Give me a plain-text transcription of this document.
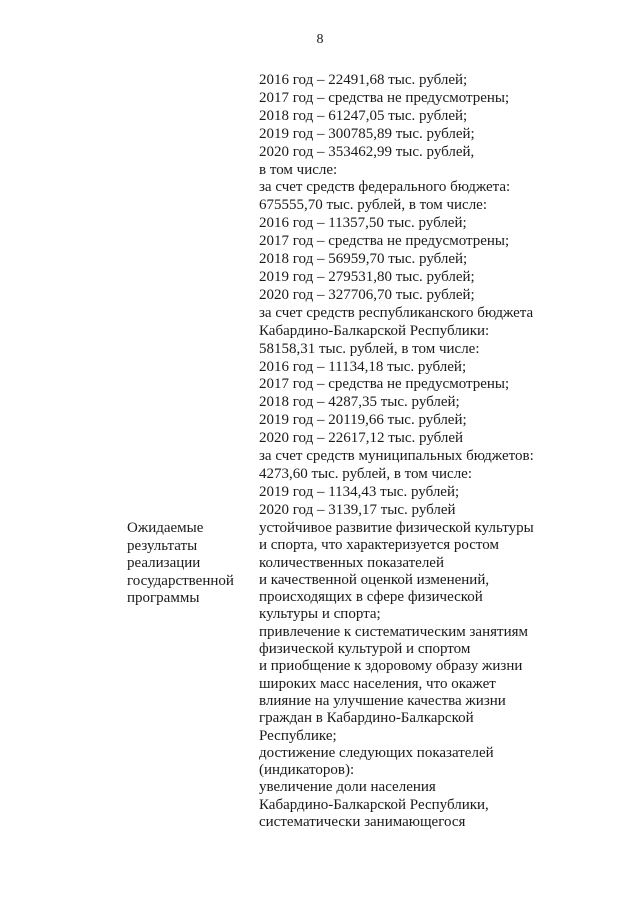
8
2016 год – 22491,68 тыс. рублей;
2017 год – средства не предусмотрены;
2018 год – 61247,05 тыс. рублей;
2019 год – 300785,89 тыс. рублей;
2020 год – 353462,99 тыс. рублей,
в том числе:
за счет средств федерального бюджета:
675555,70 тыс. рублей, в том числе:
2016 год – 11357,50 тыс. рублей;
2017 год – средства не предусмотрены;
2018 год – 56959,70 тыс. рублей;
2019 год – 279531,80 тыс. рублей;
2020 год – 327706,70 тыс. рублей;
за счет средств республиканского бюджета
Кабардино-Балкарской Республики:
58158,31 тыс. рублей, в том числе:
2016 год – 11134,18 тыс. рублей;
2017 год – средства не предусмотрены;
2018 год – 4287,35 тыс. рублей;
2019 год – 20119,66 тыс. рублей;
2020 год – 22617,12 тыс. рублей
за счет средств муниципальных бюджетов:
4273,60 тыс. рублей, в том числе:
2019 год – 1134,43 тыс. рублей;
2020 год – 3139,17 тыс. рублей
Ожидаемые
результаты
реализации
государственной
программы
устойчивое развитие физической культуры
и спорта, что характеризуется ростом
количественных показателей
и качественной оценкой изменений,
происходящих в сфере физической
культуры и спорта;
привлечение к систематическим занятиям
физической культурой и спортом
и приобщение к здоровому образу жизни
широких масс населения, что окажет
влияние на улучшение качества жизни
граждан в Кабардино-Балкарской
Республике;
достижение следующих показателей
(индикаторов):
увеличение доли населения
Кабардино-Балкарской Республики,
систематически занимающегося
